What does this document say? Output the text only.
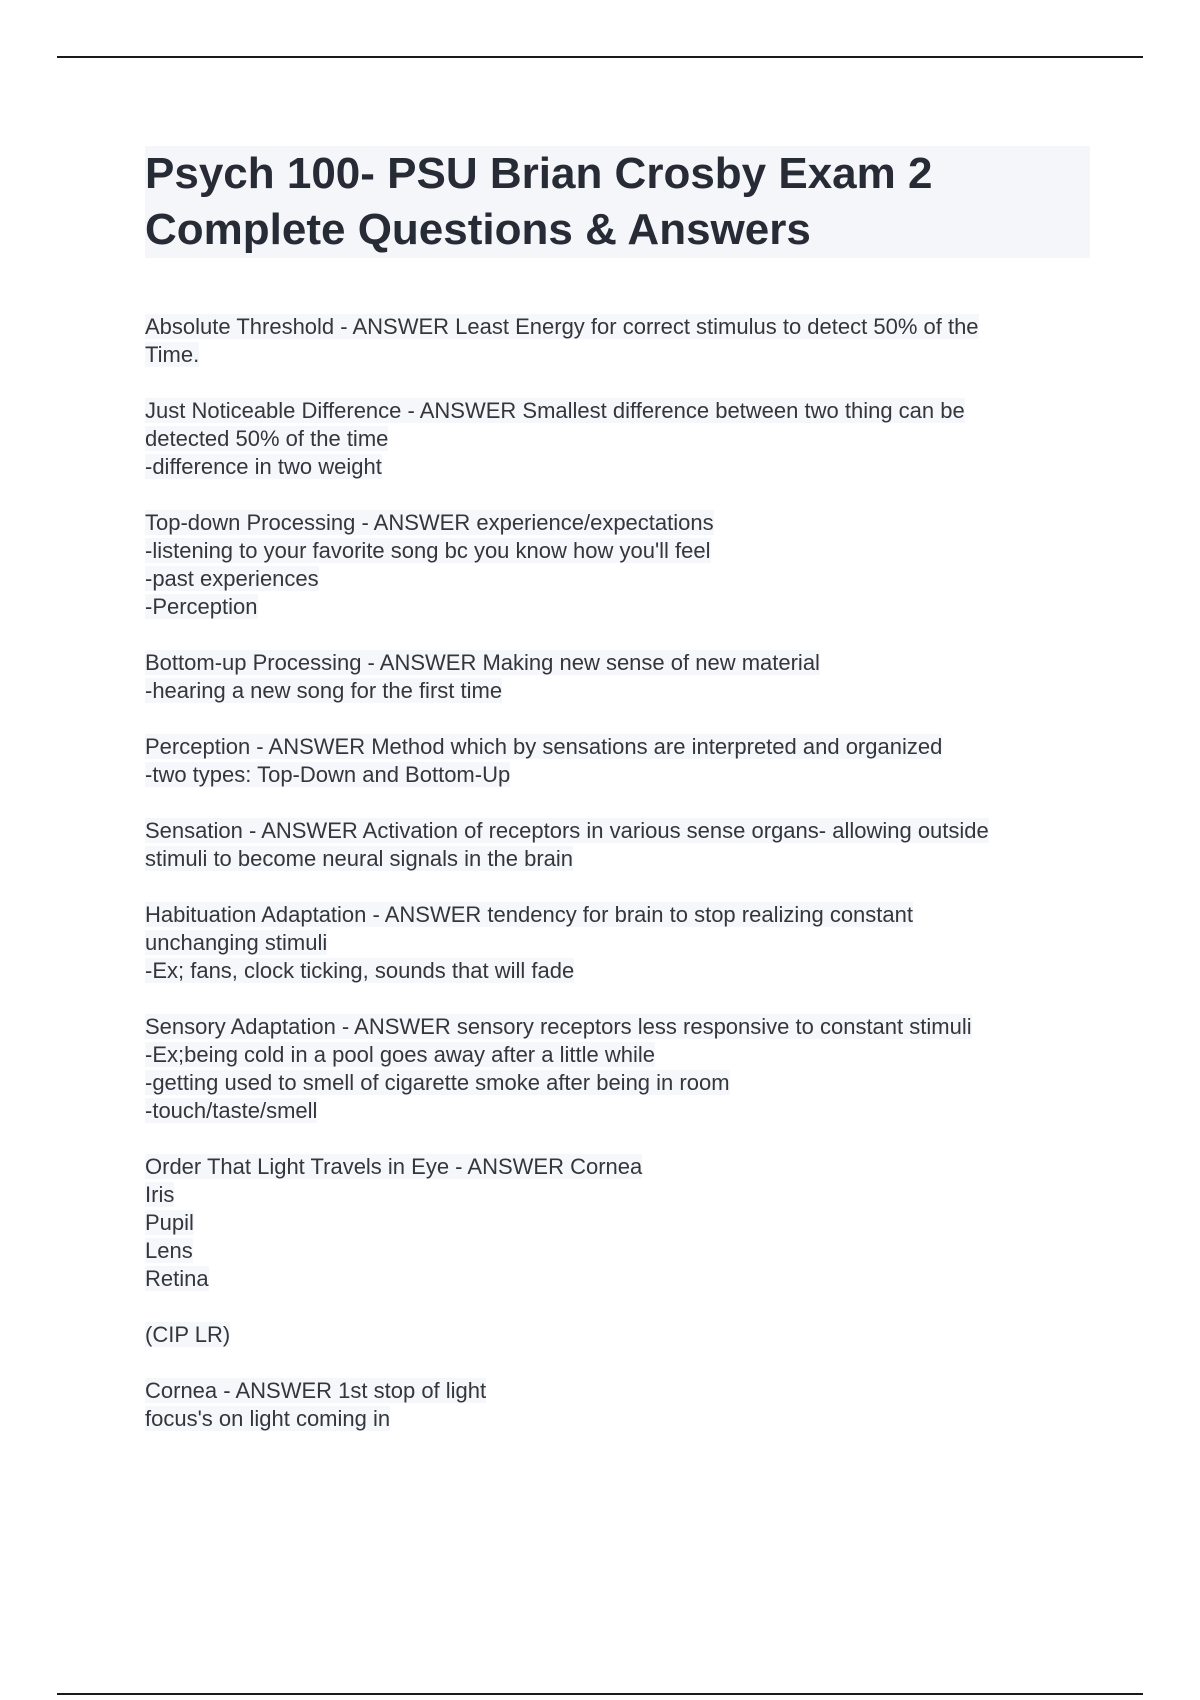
Psych 100- PSU Brian Crosby Exam 2
Complete Questions & Answers
Absolute Threshold - ANSWER Least Energy for correct stimulus to detect 50% of the
Time.
Just Noticeable Difference - ANSWER Smallest difference between two thing can be
detected 50% of the time
-difference in two weight
Top-down Processing - ANSWER experience/expectations
-listening to your favorite song bc you know how you'll feel
-past experiences
-Perception
Bottom-up Processing - ANSWER Making new sense of new material
-hearing a new song for the first time
Perception - ANSWER Method which by sensations are interpreted and organized
-two types: Top-Down and Bottom-Up
Sensation - ANSWER Activation of receptors in various sense organs- allowing outside
stimuli to become neural signals in the brain
Habituation Adaptation - ANSWER tendency for brain to stop realizing constant
unchanging stimuli
-Ex; fans, clock ticking, sounds that will fade
Sensory Adaptation - ANSWER sensory receptors less responsive to constant stimuli
-Ex;being cold in a pool goes away after a little while
-getting used to smell of cigarette smoke after being in room
-touch/taste/smell
Order That Light Travels in Eye - ANSWER Cornea
Iris
Pupil
Lens
Retina
(CIP LR)
Cornea - ANSWER 1st stop of light
focus's on light coming in
